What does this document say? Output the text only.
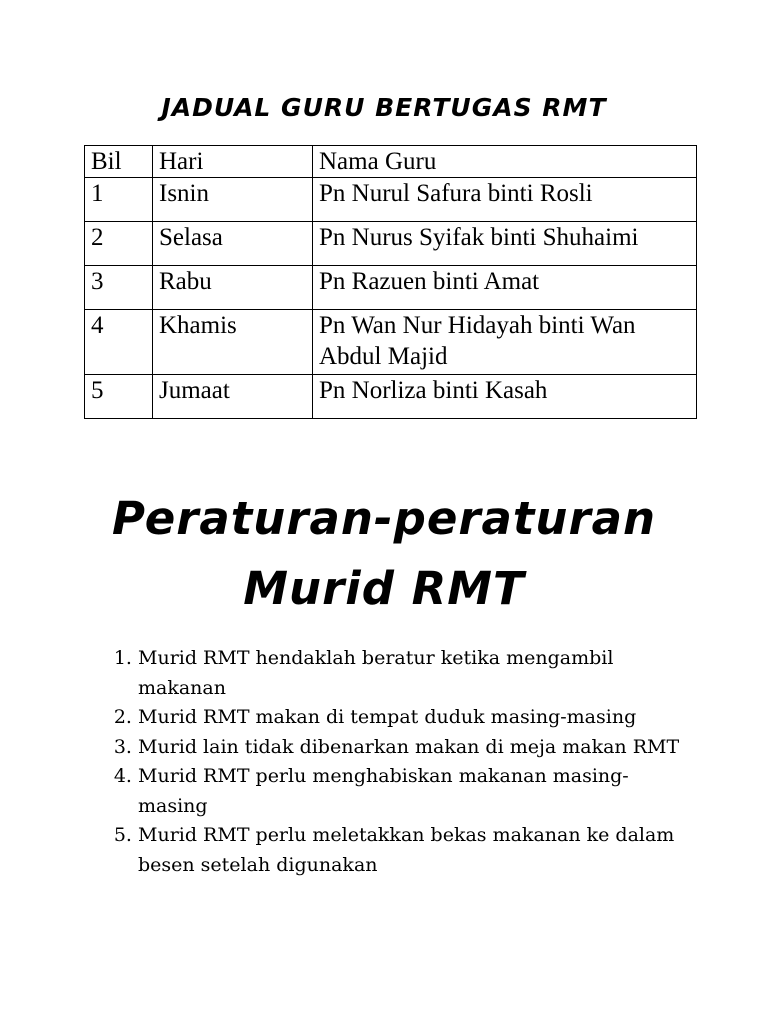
JADUAL GURU BERTUGAS RMT
Bil	Hari	Nama Guru
1	Isnin	Pn Nurul Safura binti Rosli
2	Selasa	Pn Nurus Syifak binti Shuhaimi
3	Rabu	Pn Razuen binti Amat
4	Khamis	Pn Wan Nur Hidayah binti Wan Abdul Majid
5	Jumaat	Pn Norliza binti Kasah
Peraturan-peraturan
Murid RMT
1. Murid RMT hendaklah beratur ketika mengambil makanan
2. Murid RMT makan di tempat duduk masing-masing
3. Murid lain tidak dibenarkan makan di meja makan RMT
4. Murid RMT perlu menghabiskan makanan masing-masing
5. Murid RMT perlu meletakkan bekas makanan ke dalam besen setelah digunakan
